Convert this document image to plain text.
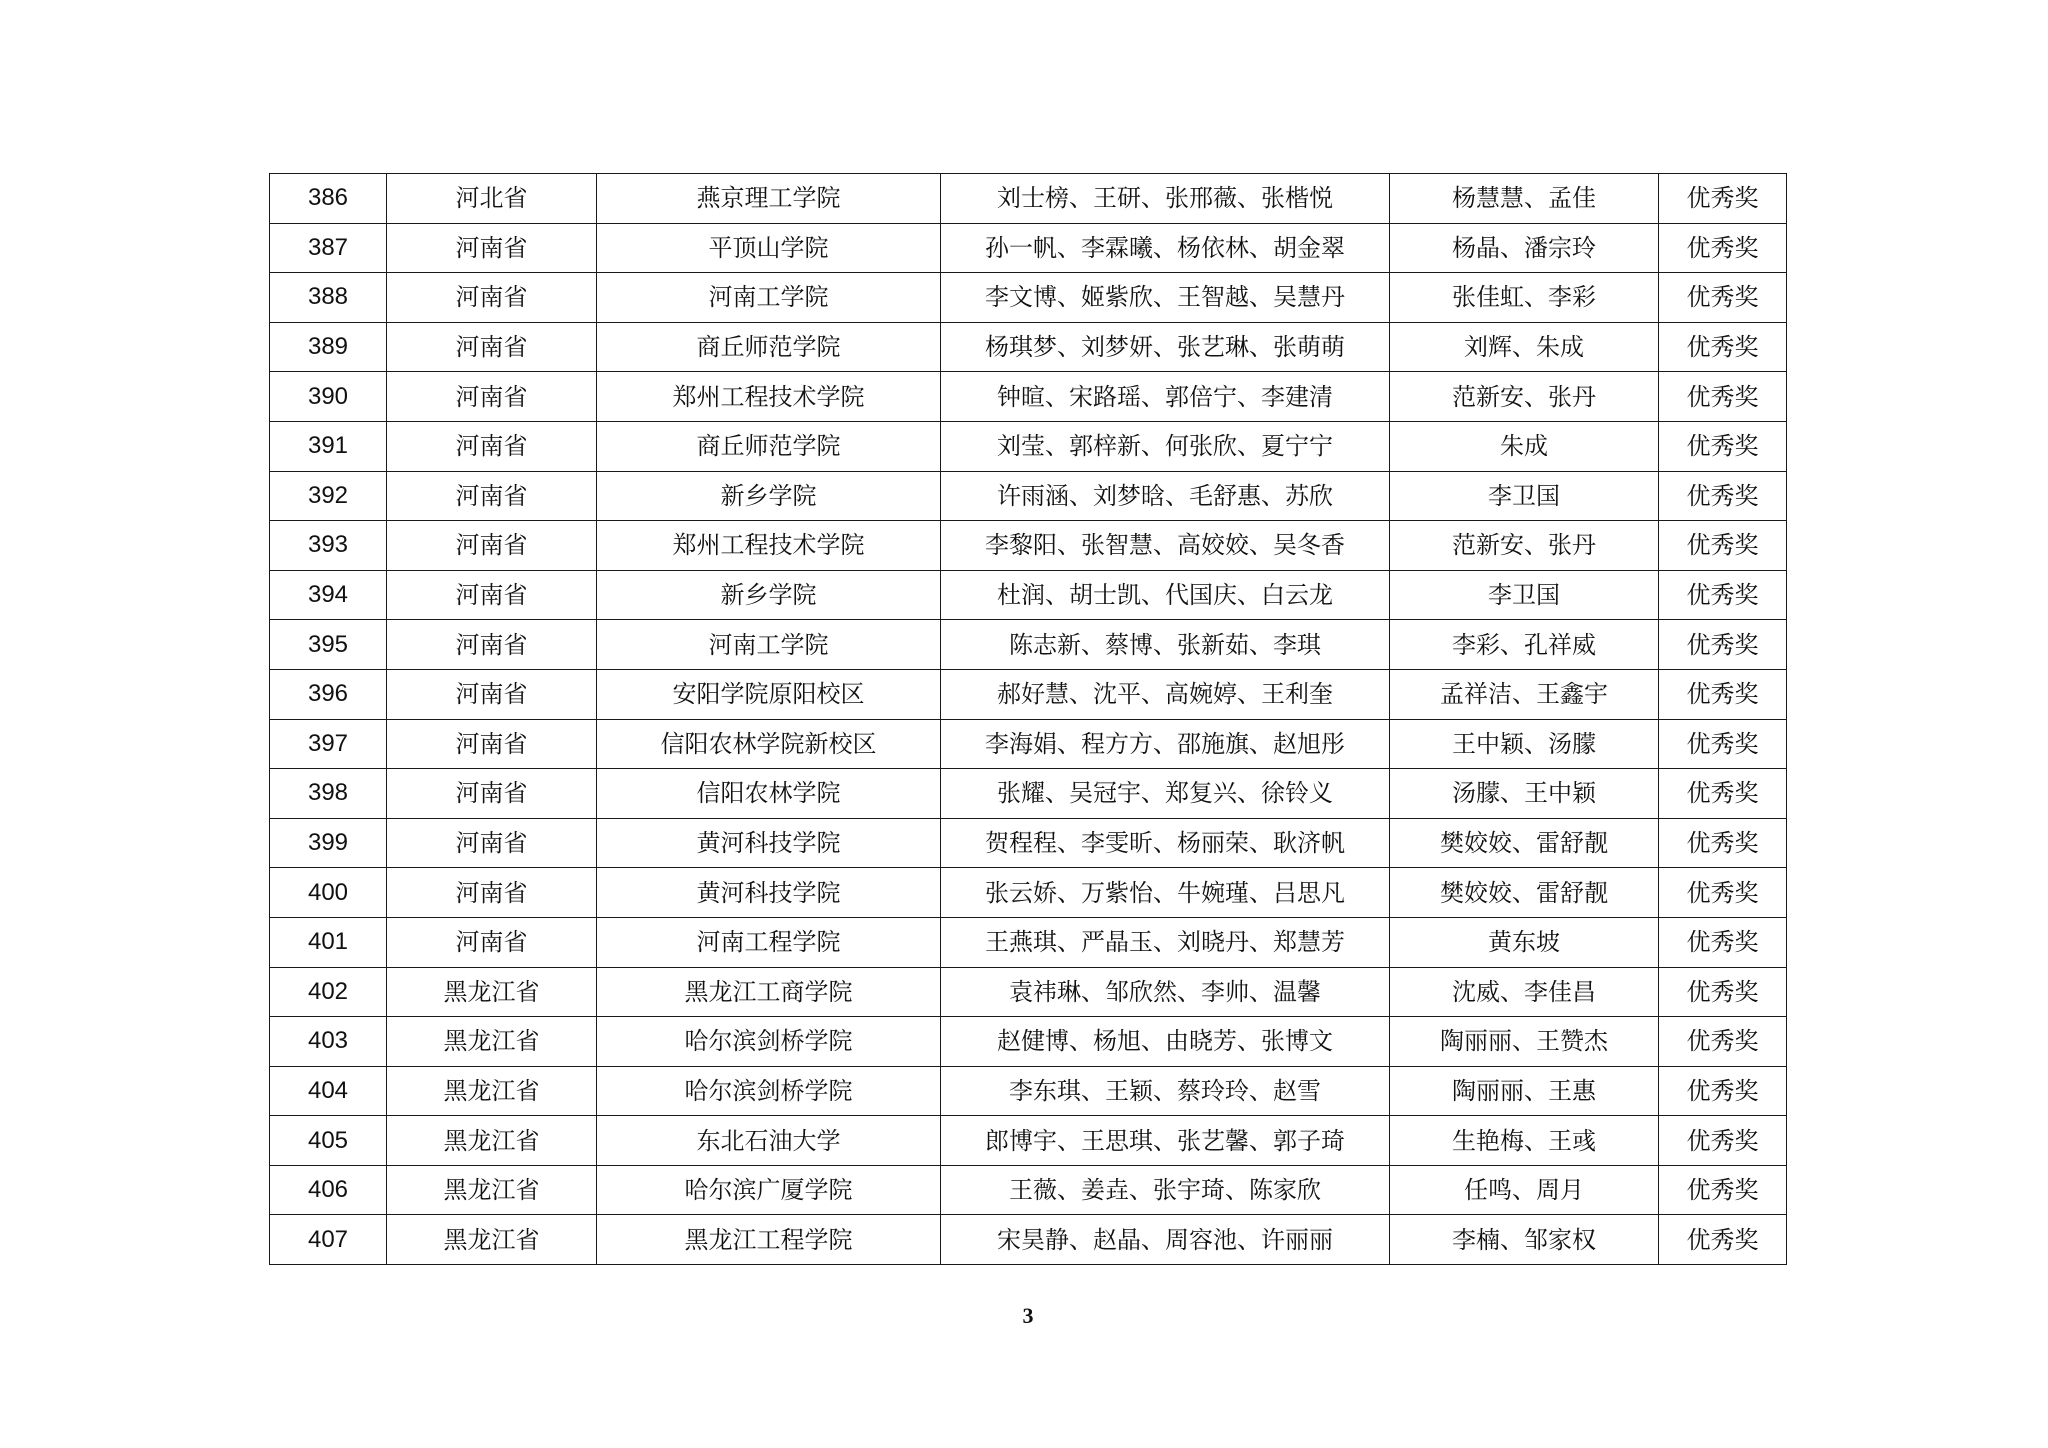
386	河北省	燕京理工学院	刘士榜、王研、张邢薇、张楷悦	杨慧慧、孟佳	优秀奖
387	河南省	平顶山学院	孙一帆、李霖曦、杨依林、胡金翠	杨晶、潘宗玲	优秀奖
388	河南省	河南工学院	李文博、姬紫欣、王智越、吴慧丹	张佳虹、李彩	优秀奖
389	河南省	商丘师范学院	杨琪梦、刘梦妍、张艺琳、张萌萌	刘辉、朱成	优秀奖
390	河南省	郑州工程技术学院	钟暄、宋路瑶、郭倍宁、李建清	范新安、张丹	优秀奖
391	河南省	商丘师范学院	刘莹、郭梓新、何张欣、夏宁宁	朱成	优秀奖
392	河南省	新乡学院	许雨涵、刘梦晗、毛舒惠、苏欣	李卫国	优秀奖
393	河南省	郑州工程技术学院	李黎阳、张智慧、高姣姣、吴冬香	范新安、张丹	优秀奖
394	河南省	新乡学院	杜润、胡士凯、代国庆、白云龙	李卫国	优秀奖
395	河南省	河南工学院	陈志新、蔡博、张新茹、李琪	李彩、孔祥威	优秀奖
396	河南省	安阳学院原阳校区	郝好慧、沈平、高婉婷、王利奎	孟祥洁、王鑫宇	优秀奖
397	河南省	信阳农林学院新校区	李海娟、程方方、邵施旗、赵旭彤	王中颖、汤朦	优秀奖
398	河南省	信阳农林学院	张耀、吴冠宇、郑复兴、徐铃义	汤朦、王中颖	优秀奖
399	河南省	黄河科技学院	贺程程、李雯昕、杨丽荣、耿济帆	樊姣姣、雷舒靓	优秀奖
400	河南省	黄河科技学院	张云娇、万紫怡、牛婉瑾、吕思凡	樊姣姣、雷舒靓	优秀奖
401	河南省	河南工程学院	王燕琪、严晶玉、刘晓丹、郑慧芳	黄东坡	优秀奖
402	黑龙江省	黑龙江工商学院	袁祎琳、邹欣然、李帅、温馨	沈威、李佳昌	优秀奖
403	黑龙江省	哈尔滨剑桥学院	赵健博、杨旭、由晓芳、张博文	陶丽丽、王赞杰	优秀奖
404	黑龙江省	哈尔滨剑桥学院	李东琪、王颖、蔡玲玲、赵雪	陶丽丽、王惠	优秀奖
405	黑龙江省	东北石油大学	郎博宇、王思琪、张艺馨、郭子琦	生艳梅、王彧	优秀奖
406	黑龙江省	哈尔滨广厦学院	王薇、姜垚、张宇琦、陈家欣	任鸣、周月	优秀奖
407	黑龙江省	黑龙江工程学院	宋昊静、赵晶、周容池、许丽丽	李楠、邹家权	优秀奖
3
